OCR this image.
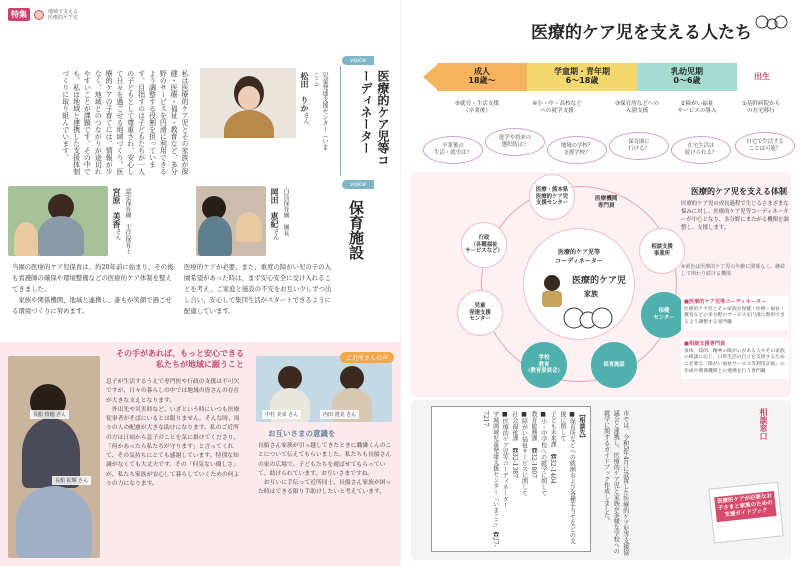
特集	地域で支える
医療的ケア児
私は医療的ケア児とその家族が保健・医療・福祉・教育など、多分野のサービスを円滑に利用できるよう調整する役割を担っています。目指すのは子どもたちが一人の子どもとして尊重され、安心して日々を過ごせる地域づくり。医療的ケアの子育てには、情報が少なく、地域とのつながりが途切れやすいことが課題です。その中でも、私は地域と連携した支援体制づくりに取り組んでいます。	児童発達支援センター（いまここ）
松田　りかさん
voice
医療的ケア児等コーディネーター
認定保育園　主任保育士
宮原　美香さん	白鳥保育園　園長
岡田　恵紀さん
voice
保育施設
当園の医療的ケア児保育は、約20年前に始まり、その後も看護師の確保や環境整備などの医療的ケア体制を整えてきました。
　家族や関係機関、地域と連携し、誰もが笑顔で過ごせる環境づくりに努めます。
医療的ケアが必要、また、重度の障がい児の子の入園希望があった時は、まず安心安全に受け入れることを考え、ご家庭と施設の不安をお互い少しずつ出し合い、安心して集団生活がスタートできるように配慮しています。
長船 枝穂 さん
長船 拡輝 さん
その手があれば、もっと安心できる
私たちが地域に願うこと
息子が生活するうえで専門医や行政の支援は不可欠ですが、日々の暮らしの中では地域の皆さんの存在が大きな支えとなります。
　外出先や災害時など、いざという時にいつも医療従事者がそばにいるとは限りません。そんな時、周りの人の配慮が大きな助けになります。私のご近所の方は日頃から息子のことを気に掛けてくださり、「何かあったら私たちが守ります」と言ってくれて、その気持ちにとても感謝しています。特別な知識がなくても大丈夫です。その「何気ない優しさ」が、私たち家族が安心して暮らしていくための何よりの力になります。
ご近所さんの声
中村 美栄 さん	内田 澄美 さん
お互いさまの意識を
長船さん家族が引っ越してきたときに職隣くんのことについて伝えてもらいました。私たちも長船さんの家の広場で、子どもたちを遊ばせてもらっていて、助けられています。お互いさまですね。
　お互いに手伝って近所同士、長船さん家族が困った時はできる限り手助けしたいと考えています。
医療的ケア児を支える人たち
成人
18歳～
学童期・青年期
6～18歳
乳幼児期
0～6歳	出生
⑤就労・生活支援
（卒業後）
④小・中・高校など
への就学支援
③保育所などへの
入園支援
②障がい福祉
サービスの導入
①基幹病院から
の在宅移行
卒業後の
生活・就労は？
進学や将来の
選択肢は？	地域の学校？
支援学校？
保育園に
行ける？	在宅生活は
続けられる？
自宅で生活する
ことは可能？
医療・熊本県
医療的ケア児
支援センター
行政
（各種福祉
サービスなど）
児童
発達支援
センター
学校
教育
（教育委員会）
保育施設
保健
センター
相談支援
事業所
医療機関
専門員
医療的ケア児等
コーディネーター
医療的ケア児
家族
医療的ケア児を支える体制
医療的ケア児の成長過程で生じるさまざまな悩みに対し、医療的ケア児等コーディネーターが中心となり、多分野にまたがる機関を調整し、支援します。
※黄色は医療的ケア児の年齢に関係なく、継続して関わり続ける機関
■医療的ケア児等コーディネーター
医療的ケア児とその家族が保健・医療・福祉・教育などの多分野のサービスを円滑に利用できるよう調整する専門職
■相談支援専門員
身体、知的、精神の障がいがある人やその家族の相談に応じ、日常生活の自立を支援するために必要な「障がい福祉サービス等利用計画」の作成や関係機関との連携を行う専門職
【相談先】
■保育所などへの就園および各種手当てなどの支援に関して
子ども未来課　☎32-1404
■小・中学校への就学に関して
教育総務課　☎32-1807
■障がい福祉サービスに関して
社会福祉課　☎32-1387
■医療的ケア児等コーディネーター
宇城圏域児童発達支援センター「いまここ」☎27-7217	市では、令和5年4月に設置した医療的ケア児等支援協議会と連携し、医療的ケア児と家族が多様な学校への就学に関するガイドブック作成しました。	相談窓口
医療的ケアが必要なお子さまと家族のための支援ガイドブック
